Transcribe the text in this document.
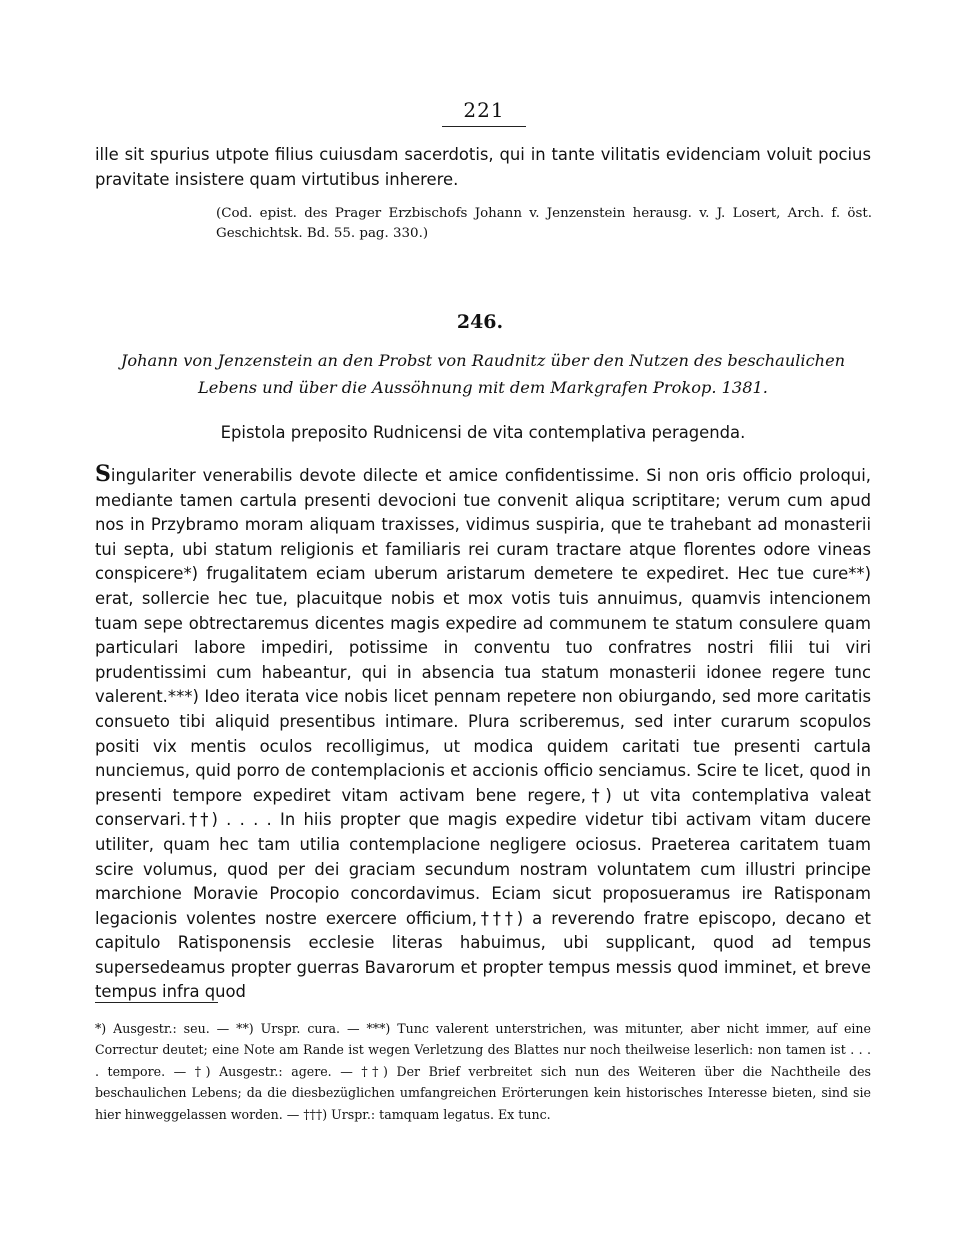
221
ille sit spurius utpote filius cuiusdam sacerdotis, qui in tante vilitatis evidenciam voluit pocius pravitate insistere quam virtutibus inherere.
(Cod. epist. des Prager Erzbischofs Johann v. Jenzenstein herausg. v. J. Losert, Arch. f. öst. Geschichtsk. Bd. 55. pag. 330.)
246.
Johann von Jenzenstein an den Probst von Raudnitz über den Nutzen des beschaulichen Lebens und über die Aussöhnung mit dem Markgrafen Prokop. 1381.
Epistola preposito Rudnicensi de vita contemplativa peragenda.
Singulariter venerabilis devote dilecte et amice confidentissime. Si non oris officio proloqui, mediante tamen cartula presenti devocioni tue convenit aliqua scriptitare; verum cum apud nos in Przybramo moram aliquam traxisses, vidimus suspiria, que te trahebant ad monasterii tui septa, ubi statum religionis et familiaris rei curam tractare atque florentes odore vineas conspicere*) frugalitatem eciam uberum aristarum demetere te expediret. Hec tue cure**) erat, sollercie hec tue, placuitque nobis et mox votis tuis annuimus, quamvis intencionem tuam sepe obtrectaremus dicentes magis expedire ad communem te statum consulere quam particulari labore impediri, potissime in conventu tuo confratres nostri filii tui viri prudentissimi cum habeantur, qui in absencia tua statum monasterii idonee regere tunc valerent.***) Ideo iterata vice nobis licet pennam repetere non obiurgando, sed more caritatis consueto tibi aliquid presentibus intimare. Plura scriberemus, sed inter curarum scopulos positi vix mentis oculos recolligimus, ut modica quidem caritati tue presenti cartula nunciemus, quid porro de contemplacionis et accionis officio senciamus. Scire te licet, quod in presenti tempore expediret vitam activam bene regere,†) ut vita contemplativa valeat conservari.††) . . . . In hiis propter que magis expedire videtur tibi activam vitam ducere utiliter, quam hec tam utilia contemplacione negligere ociosus. Praeterea caritatem tuam scire volumus, quod per dei graciam secundum nostram voluntatem cum illustri principe marchione Moravie Procopio concordavimus. Eciam sicut proposueramus ire Ratisponam legacionis volentes nostre exercere officium,†††) a reverendo fratre episcopo, decano et capitulo Ratisponensis ecclesie literas habuimus, ubi supplicant, quod ad tempus supersedeamus propter guerras Bavarorum et propter tempus messis quod imminet, et breve tempus infra quod

*) Ausgestr.: seu. — **) Urspr. cura. — ***) Tunc valerent unterstrichen, was mitunter, aber nicht immer, auf eine Correctur deutet; eine Note am Rande ist wegen Verletzung des Blattes nur noch theilweise leserlich: non tamen ist . . . . tempore. — †) Ausgestr.: agere. — ††) Der Brief verbreitet sich nun des Weiteren über die Nachtheile des beschaulichen Lebens; da die diesbezüglichen umfangreichen Erörterungen kein historisches Interesse bieten, sind sie hier hinweggelassen worden. — †††) Urspr.: tamquam legatus. Ex tunc.
